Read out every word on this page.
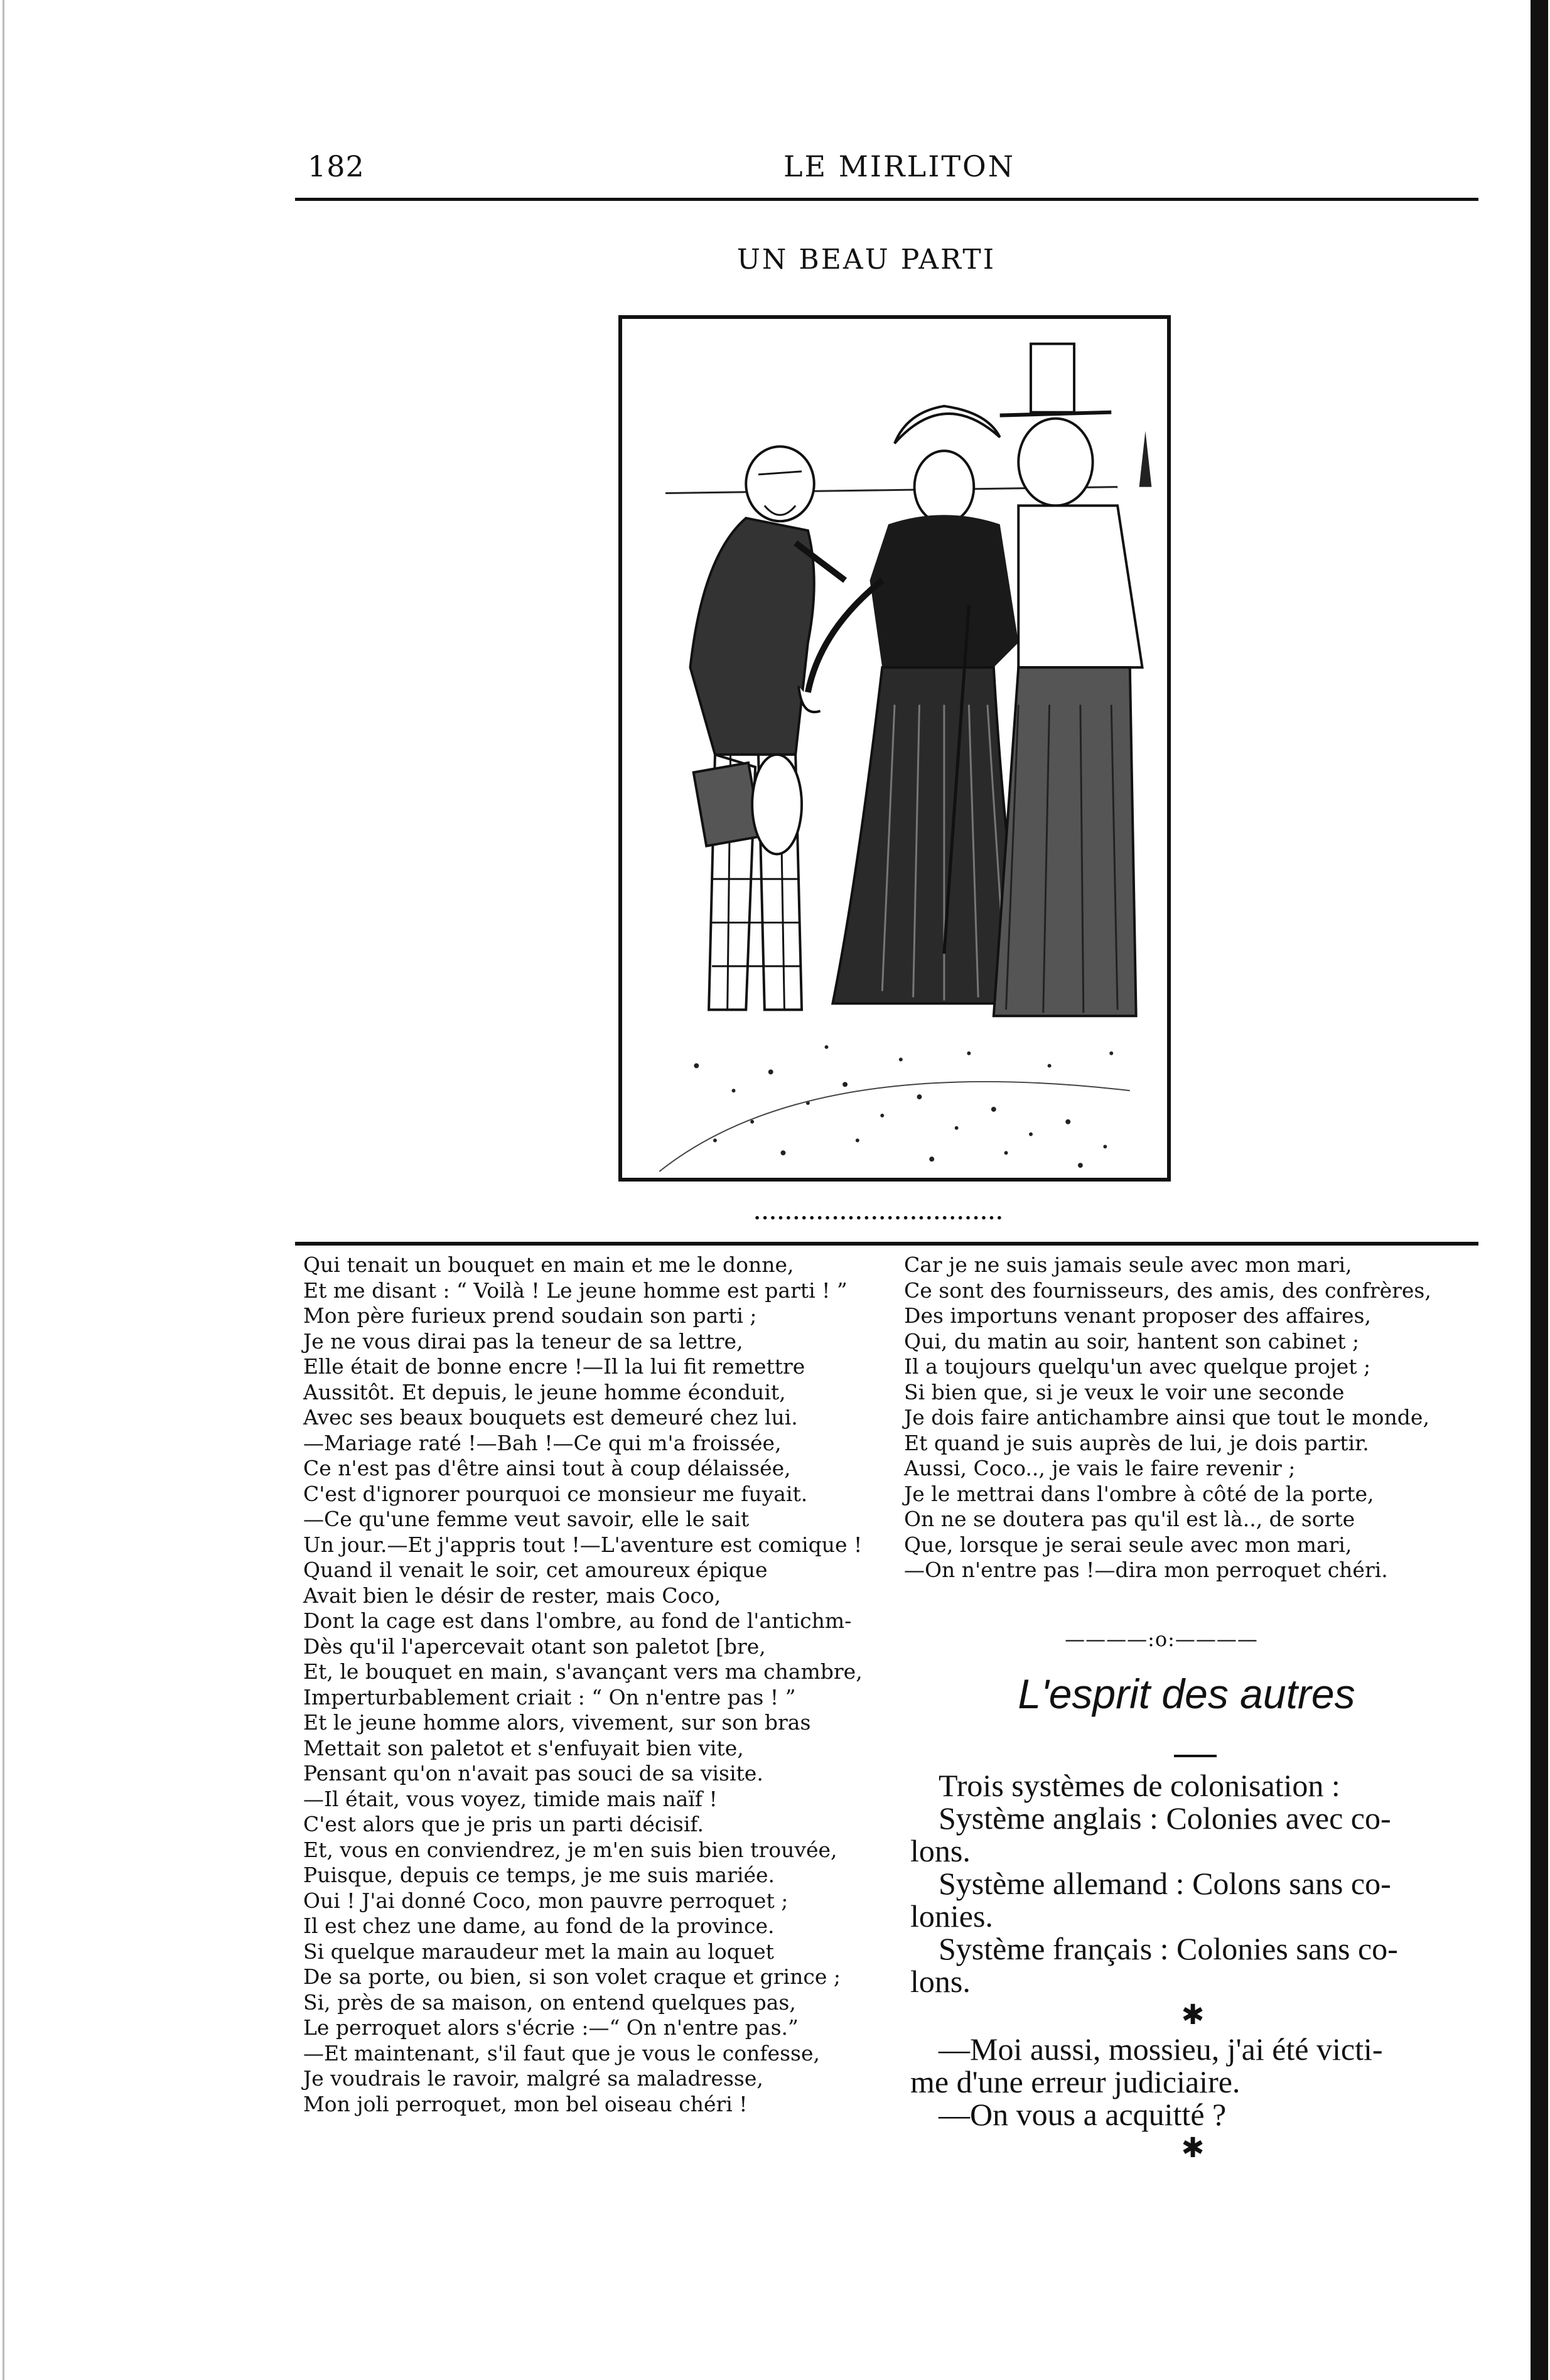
182	LE MIRLITON
UN BEAU PARTI
................................
Qui tenait un bouquet en main et me le donne,
Et me disant : “ Voilà ! Le jeune homme est parti ! ”
Mon père furieux prend soudain son parti ;
Je ne vous dirai pas la teneur de sa lettre,
Elle était de bonne encre !—Il la lui fit remettre
Aussitôt. Et depuis, le jeune homme éconduit,
Avec ses beaux bouquets est demeuré chez lui.
—Mariage raté !—Bah !—Ce qui m'a froissée,
Ce n'est pas d'être ainsi tout à coup délaissée,
C'est d'ignorer pourquoi ce monsieur me fuyait.
—Ce qu'une femme veut savoir, elle le sait
Un jour.—Et j'appris tout !—L'aventure est comique !
Quand il venait le soir, cet amoureux épique
Avait bien le désir de rester, mais Coco,
Dont la cage est dans l'ombre, au fond de l'antichm-
Dès qu'il l'apercevait otant son paletot [bre,
Et, le bouquet en main, s'avançant vers ma chambre,
Imperturbablement criait : “ On n'entre pas ! ”
Et le jeune homme alors, vivement, sur son bras
Mettait son paletot et s'enfuyait bien vite,
Pensant qu'on n'avait pas souci de sa visite.
—Il était, vous voyez, timide mais naïf !
C'est alors que je pris un parti décisif.
Et, vous en conviendrez, je m'en suis bien trouvée,
Puisque, depuis ce temps, je me suis mariée.
Oui ! J'ai donné Coco, mon pauvre perroquet ;
Il est chez une dame, au fond de la province.
Si quelque maraudeur met la main au loquet
De sa porte, ou bien, si son volet craque et grince ;
Si, près de sa maison, on entend quelques pas,
Le perroquet alors s'écrie :—“ On n'entre pas.”
—Et maintenant, s'il faut que je vous le confesse,
Je voudrais le ravoir, malgré sa maladresse,
Mon joli perroquet, mon bel oiseau chéri !
Car je ne suis jamais seule avec mon mari,
Ce sont des fournisseurs, des amis, des confrères,
Des importuns venant proposer des affaires,
Qui, du matin au soir, hantent son cabinet ;
Il a toujours quelqu'un avec quelque projet ;
Si bien que, si je veux le voir une seconde
Je dois faire antichambre ainsi que tout le monde,
Et quand je suis auprès de lui, je dois partir.
Aussi, Coco.., je vais le faire revenir ;
Je le mettrai dans l'ombre à côté de la porte,
On ne se doutera pas qu'il est là.., de sorte
Que, lorsque je serai seule avec mon mari,
—On n'entre pas !—dira mon perroquet chéri.
————:o:————
L'esprit des autres
Trois systèmes de colonisation :
Système anglais : Colonies avec co-
lons.
Système allemand : Colons sans co-
lonies.
Système français : Colonies sans co-
lons.
✱
—Moi aussi, mossieu, j'ai été victi-
me d'une erreur judiciaire.
—On vous a acquitté ?
✱
